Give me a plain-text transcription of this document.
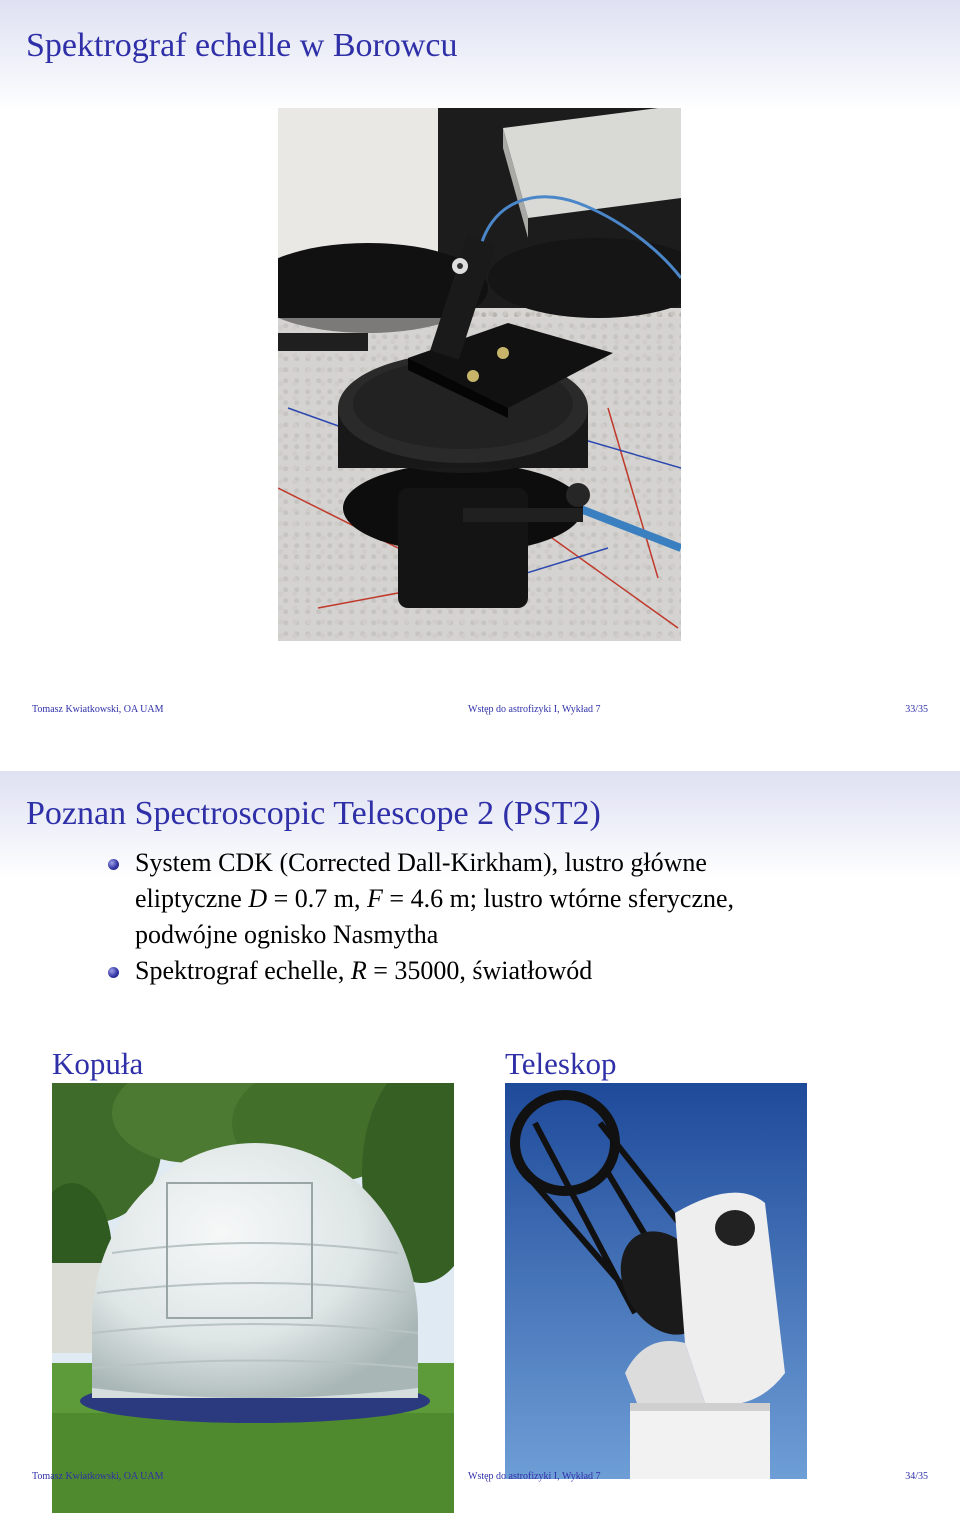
Spektrograf echelle w Borowcu
Tomasz Kwiatkowski, OA UAM	Wstęp do astrofizyki I, Wykład 7	33/35
Poznan Spectroscopic Telescope 2 (PST2)
System CDK (Corrected Dall-Kirkham), lustro główne
eliptyczne D = 0.7 m, F = 4.6 m; lustro wtórne sferyczne,
podwójne ognisko Nasmytha
Spektrograf echelle, R = 35000, światłowód
Kopuła	Teleskop
Tomasz Kwiatkowski, OA UAM	Wstęp do astrofizyki I, Wykład 7	34/35
